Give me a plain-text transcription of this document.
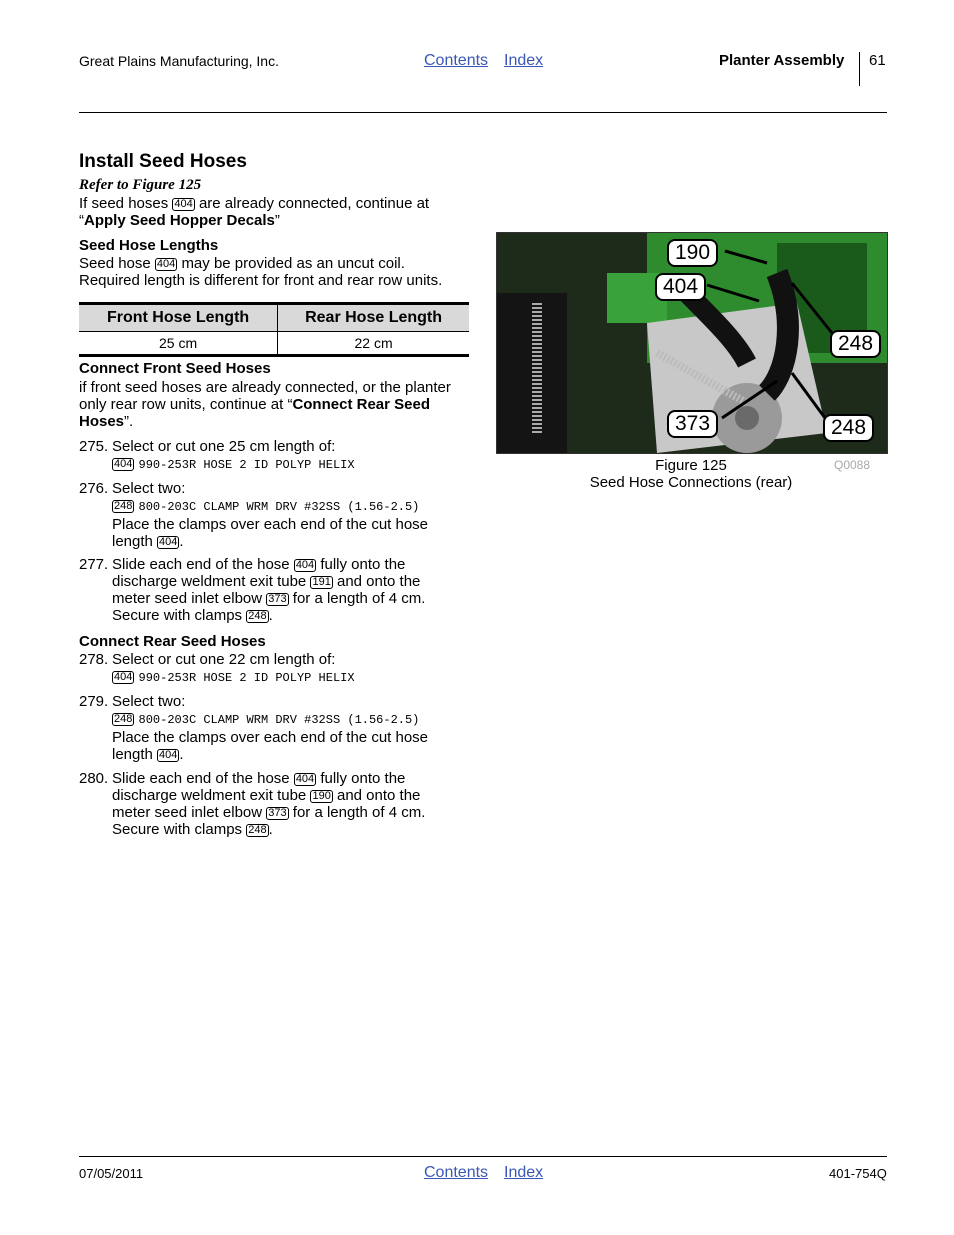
Great Plains Manufacturing, Inc.	Contents Index	Planter Assembly 61
Install Seed Hoses
Refer to Figure 125
If seed hoses 404 are already connected, continue at
“Apply Seed Hopper Decals”
Seed Hose Lengths
Seed hose 404 may be provided as an uncut coil.
Required length is different for front and rear row units.
Front Hose Length	Rear Hose Length
25 cm	22 cm
Connect Front Seed Hoses
if front seed hoses are already connected, or the planter
only rear row units, continue at “Connect Rear Seed
Hoses”.
275. Select or cut one 25 cm length of:
404 990-253R HOSE 2 ID POLYP HELIX
276. Select two:
248 800-203C CLAMP WRM DRV #32SS (1.56-2.5)
Place the clamps over each end of the cut hose
length 404 .
277. Slide each end of the hose 404 fully onto the
discharge weldment exit tube 191 and onto the
meter seed inlet elbow 373 for a length of 4 cm.
Secure with clamps 248 .
Connect Rear Seed Hoses
278. Select or cut one 22 cm length of:
404 990-253R HOSE 2 ID POLYP HELIX
279. Select two:
248 800-203C CLAMP WRM DRV #32SS (1.56-2.5)
Place the clamps over each end of the cut hose
length 404 .
280. Slide each end of the hose 404 fully onto the
discharge weldment exit tube 190 and onto the
meter seed inlet elbow 373 for a length of 4 cm.
Secure with clamps 248 .
190
404
248
373	248
Figure 125
Seed Hose Connections (rear)
Q0088
07/05/2011	Contents Index	401-754Q
